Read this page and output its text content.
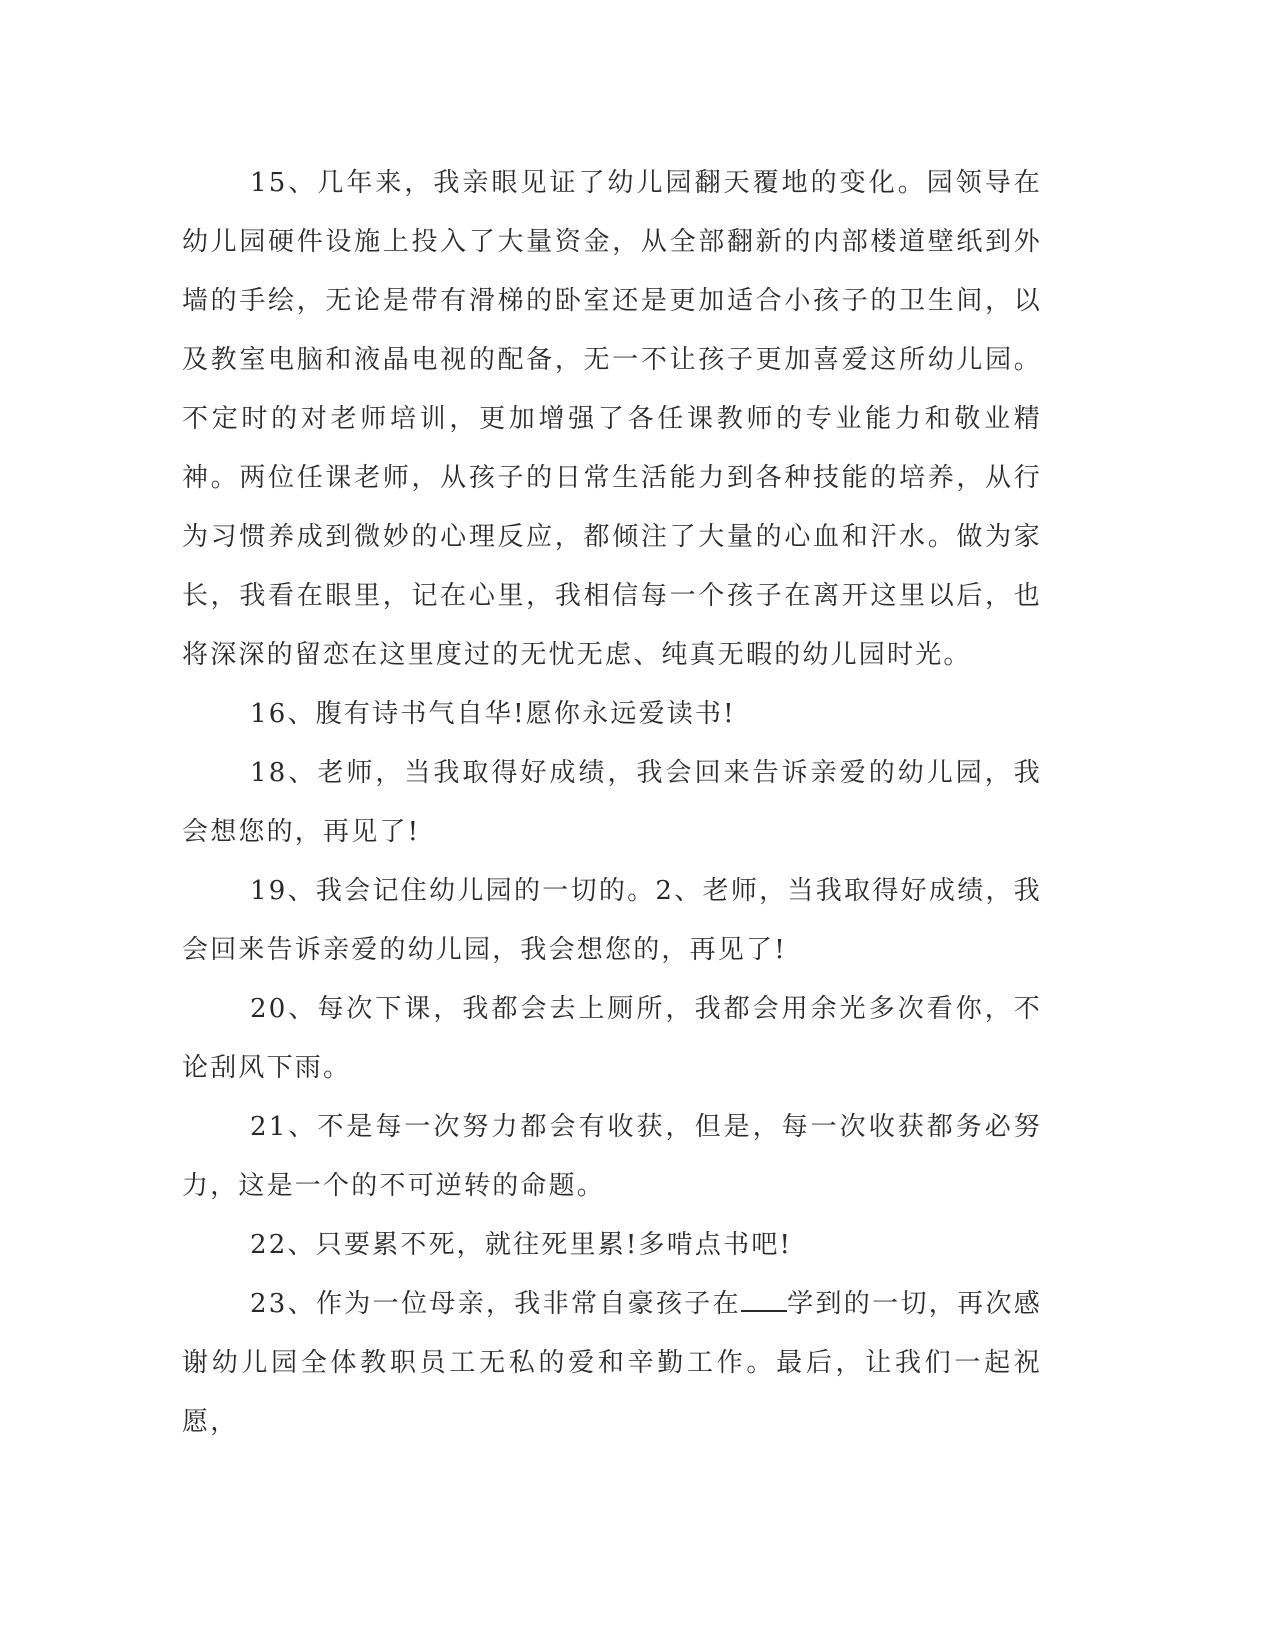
15、几年来，我亲眼见证了幼儿园翻天覆地的变化。园领导在幼儿园硬件设施上投入了大量资金，从全部翻新的内部楼道壁纸到外墙的手绘，无论是带有滑梯的卧室还是更加适合小孩子的卫生间，以及教室电脑和液晶电视的配备，无一不让孩子更加喜爱这所幼儿园。不定时的对老师培训，更加增强了各任课教师的专业能力和敬业精神。两位任课老师，从孩子的日常生活能力到各种技能的培养，从行为习惯养成到微妙的心理反应，都倾注了大量的心血和汗水。做为家长，我看在眼里，记在心里，我相信每一个孩子在离开这里以后，也将深深的留恋在这里度过的无忧无虑、纯真无暇的幼儿园时光。

16、腹有诗书气自华!愿你永远爱读书!

18、老师，当我取得好成绩，我会回来告诉亲爱的幼儿园，我会想您的，再见了!

19、我会记住幼儿园的一切的。2、老师，当我取得好成绩，我会回来告诉亲爱的幼儿园，我会想您的，再见了!

20、每次下课，我都会去上厕所，我都会用余光多次看你，不论刮风下雨。

21、不是每一次努力都会有收获，但是，每一次收获都务必努力，这是一个的不可逆转的命题。

22、只要累不死，就往死里累!多啃点书吧!

23、作为一位母亲，我非常自豪孩子在 学到的一切，再次感谢幼儿园全体教职员工无私的爱和辛勤工作。最后，让我们一起祝愿，
